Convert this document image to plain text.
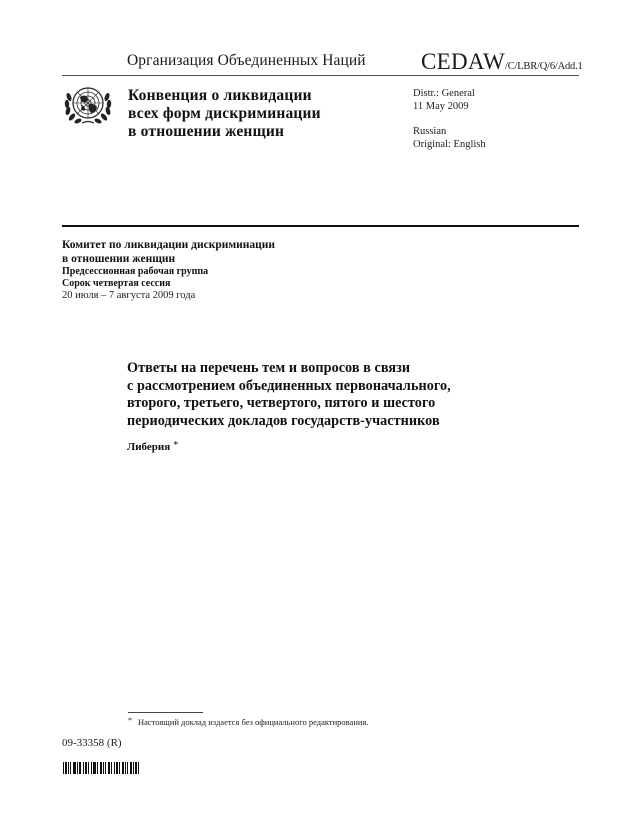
Организация Объединенных Наций CEDAW/C/LBR/Q/6/Add.1
Конвенция о ликвидации
всех форм дискриминации
в отношении женщин
Distr.: General
11 May 2009
Russian
Original: English
Комитет по ликвидации дискриминации
в отношении женщин
Предсессионная рабочая группа
Сорок четвертая сессия
20 июля – 7 августа 2009 года
Ответы на перечень тем и вопросов в связи
с рассмотрением объединенных первоначального,
второго, третьего, четвертого, пятого и шестого
периодических докладов государств-участников
Либерия *
* Настоящий доклад издается без официального редактирования.
09-33358 (R)
